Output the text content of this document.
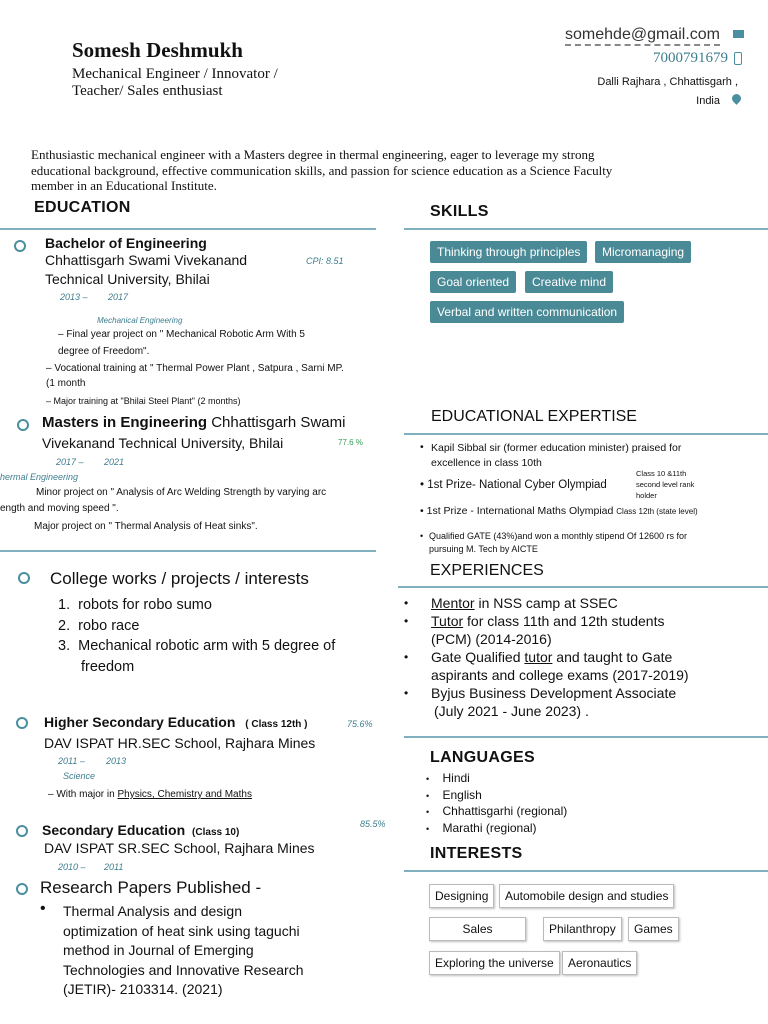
Somesh Deshmukh
Mechanical Engineer / Innovator /
Teacher/ Sales enthusiast
somehde@gmail.com
7000791679
Dalli Rajhara , Chhattisgarh ,
India
Enthusiastic mechanical engineer with a Masters degree in thermal engineering, eager to leverage my strong
educational background, effective communication skills, and passion for science education as a Science Faculty
member in an Educational Institute.
EDUCATION
Bachelor of Engineering
Chhattisgarh Swami Vivekanand
Technical University, Bhilai
CPI: 8.51
2013 – 2017
Mechanical Engineering
– Final year project on " Mechanical Robotic Arm With 5
degree of Freedom".
– Vocational training at " Thermal Power Plant , Satpura , Sarni MP.
(1 month
– Major training at "Bhilai Steel Plant" (2 months)
Masters in Engineering Chhattisgarh Swami
Vivekanand Technical University, Bhilai	77.6 %
2017 – 2021
hermal Engineering
Minor project on " Analysis of Arc Welding Strength by varying arc
ength and moving speed ".
Major project on " Thermal Analysis of Heat sinks".
College works / projects / interests
1.  robots for robo sumo
2.  robo race
3.  Mechanical robotic arm with 5 degree of
freedom
Higher Secondary Education ( Class 12th )	75.6%
DAV ISPAT HR.SEC School, Rajhara Mines
2011 – 2013
Science
– With major in Physics, Chemistry and Maths
Secondary Education (Class 10)
85.5%
DAV ISPAT SR.SEC School, Rajhara Mines
2010 – 2011
Research Papers Published -
• Thermal Analysis and design
optimization of heat sink using taguchi
method in Journal of Emerging
Technologies and Innovative Research
(JETIR)- 2103314. (2021)
SKILLS
Thinking through principles	Micromanaging
Goal oriented	Creative mind
Verbal and written communication
EDUCATIONAL EXPERTISE
• Kapil Sibbal sir (former education minister) praised for
excellence in class 10th
• 1st Prize- National Cyber Olympiad
Class 10 &11th
second level rank
holder
• 1st Prize - International Maths Olympiad Class 12th (state level)
• Qualified GATE (43%)and won a monthly stipend Of 12600 rs for
pursuing M. Tech by AICTE
EXPERIENCES
• Mentor in NSS camp at SSEC
• Tutor for class 11th and 12th students
(PCM) (2014-2016)
• Gate Qualified tutor and taught to Gate
aspirants and college exams (2017-2019)
• Byjus Business Development Associate
(July 2021 - June 2023) .
LANGUAGES
• Hindi
• English
• Chhattisgarhi (regional)
• Marathi (regional)
INTERESTS
Designing	Automobile design and studies
Sales	Philanthropy	Games
Exploring the universe	Aeronautics
